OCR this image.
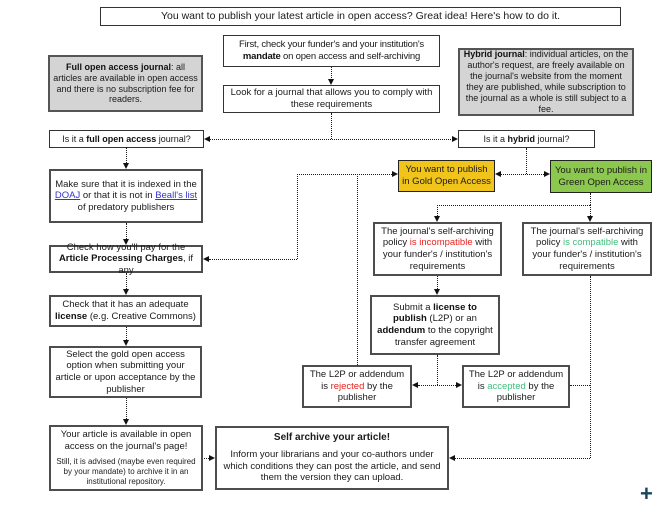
You want to publish your latest article in open access? Great idea! Here's how to do it.
First, check your funder's and your institution's mandate on open access and self-archiving
Look for a journal that allows you to comply with these requirements
Full open access journal: all articles are available in open access and there is no subscription fee for readers.
Hybrid journal: individual articles, on the author's request, are freely available on the journal's website from the moment they are published, while subscription to the journal as a whole is still subject to a fee.
Is it a full open access journal?	Is it a hybrid journal?
Make sure that it is indexed in the DOAJ or that it is not in Beall's list of predatory publishers
Check how you'll pay for the Article Processing Charges, if any
Check that it has an adequate license (e.g. Creative Commons)
Select the gold open access option when submitting your article or upon acceptance by the publisher
Your article is available in open access on the journal's page!
Still, it is advised (maybe even required by your mandate) to archive it in an institutional repository.
You want to publish in Gold Open Access
You want to publish in Green Open Access
The journal's self-archiving policy is incompatible with your funder's / institution's requirements
The journal's self-archiving policy is compatible with your funder's / institution's requirements
Submit a license to publish (L2P) or an addendum to the copyright transfer agreement
The L2P or addendum is rejected by the publisher
The L2P or addendum is accepted by the publisher
Self archive your article!
Inform your librarians and your co-authors under which conditions they can post the article, and send them the version they can upload.
+
